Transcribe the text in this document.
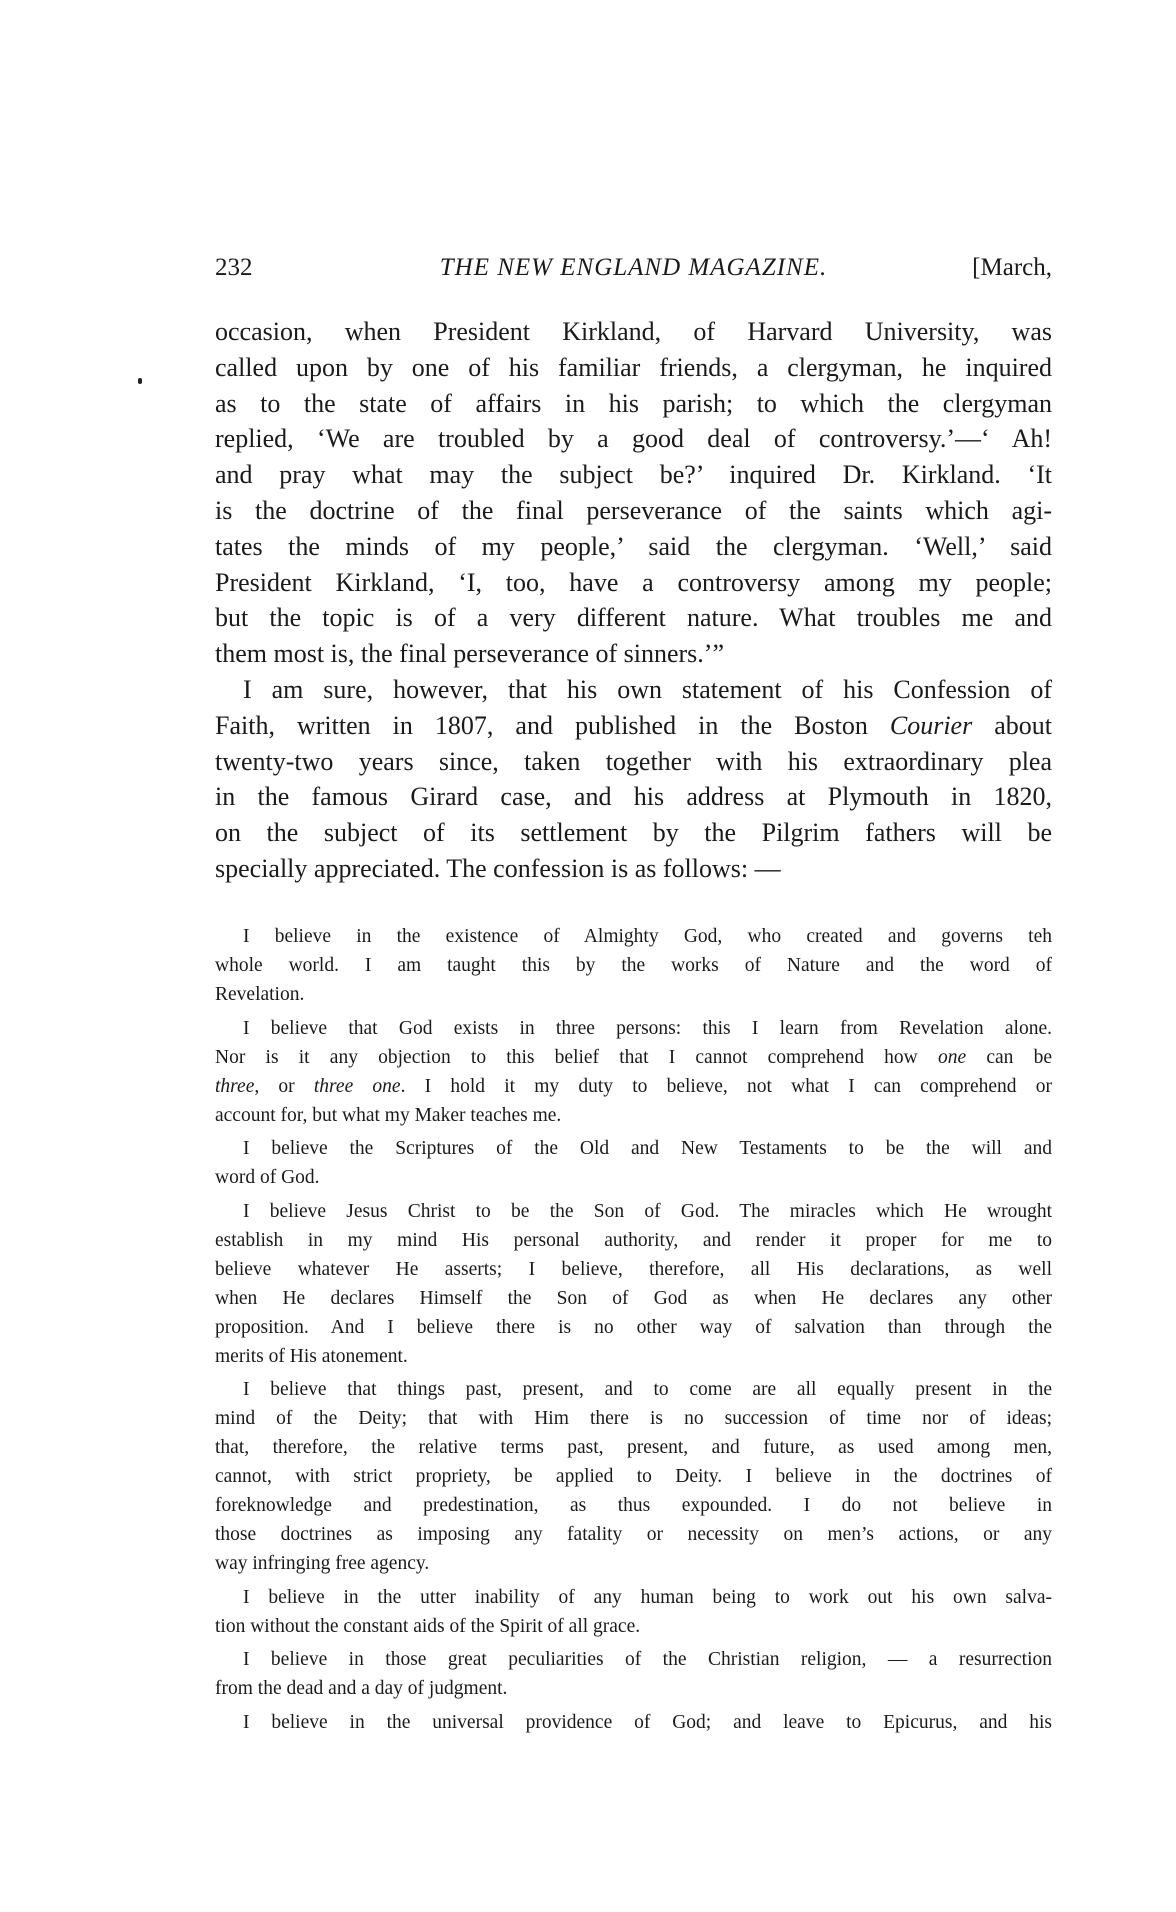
232	THE NEW ENGLAND MAGAZINE.	[March,
occasion, when President Kirkland, of Harvard University, was
called upon by one of his familiar friends, a clergyman, he inquired
as to the state of affairs in his parish; to which the clergyman
replied, ‘We are troubled by a good deal of controversy.’—‘ Ah!
and pray what may the subject be?’ inquired Dr. Kirkland. ‘It
is the doctrine of the final perseverance of the saints which agi-
tates the minds of my people,’ said the clergyman. ‘Well,’ said
President Kirkland, ‘I, too, have a controversy among my people;
but the topic is of a very different nature. What troubles me and
them most is, the final perseverance of sinners.’”
I am sure, however, that his own statement of his Confession of
Faith, written in 1807, and published in the Boston Courier about
twenty-two years since, taken together with his extraordinary plea
in the famous Girard case, and his address at Plymouth in 1820,
on the subject of its settlement by the Pilgrim fathers will be
specially appreciated. The confession is as follows: —
I believe in the existence of Almighty God, who created and governs teh
whole world. I am taught this by the works of Nature and the word of
Revelation.
I believe that God exists in three persons: this I learn from Revelation alone.
Nor is it any objection to this belief that I cannot comprehend how one can be
three, or three one. I hold it my duty to believe, not what I can comprehend or
account for, but what my Maker teaches me.
I believe the Scriptures of the Old and New Testaments to be the will and
word of God.
I believe Jesus Christ to be the Son of God. The miracles which He wrought
establish in my mind His personal authority, and render it proper for me to
believe whatever He asserts; I believe, therefore, all His declarations, as well
when He declares Himself the Son of God as when He declares any other
proposition. And I believe there is no other way of salvation than through the
merits of His atonement.
I believe that things past, present, and to come are all equally present in the
mind of the Deity; that with Him there is no succession of time nor of ideas;
that, therefore, the relative terms past, present, and future, as used among men,
cannot, with strict propriety, be applied to Deity. I believe in the doctrines of
foreknowledge and predestination, as thus expounded. I do not believe in
those doctrines as imposing any fatality or necessity on men’s actions, or any
way infringing free agency.
I believe in the utter inability of any human being to work out his own salva-
tion without the constant aids of the Spirit of all grace.
I believe in those great peculiarities of the Christian religion, — a resurrection
from the dead and a day of judgment.
I believe in the universal providence of God; and leave to Epicurus, and his
